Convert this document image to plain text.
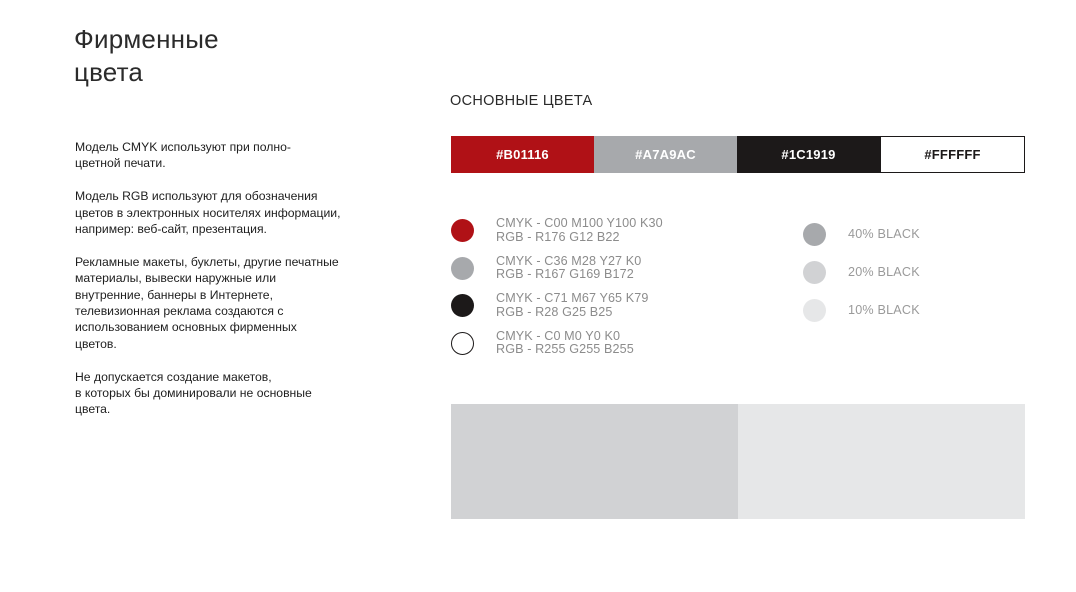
Фирменные цвета

Модель CMYK используют при полно-
цветной печати.

Модель RGB используют для обозначения
цветов в электронных носителях информации,
например: веб-сайт, презентация.

Рекламные макеты, буклеты, другие печатные
материалы, вывески наружные или
внутренние, баннеры в Интернете,
телевизионная реклама создаются с
использованием основных фирменных
цветов.

Не допускается создание макетов,
в которых бы доминировали не основные
цвета.

ОСНОВНЫЕ ЦВЕТА
#B01116	#A7A9AC	#1C1919	#FFFFFF
CMYK - C00 M100 Y100 K30
RGB - R176 G12 B22
CMYK - C36 M28 Y27 K0
RGB - R167 G169 B172
CMYK - C71 M67 Y65 K79
RGB - R28 G25 B25
CMYK - C0 M0 Y0 K0
RGB - R255 G255 B255
40% BLACK
20% BLACK
10% BLACK
